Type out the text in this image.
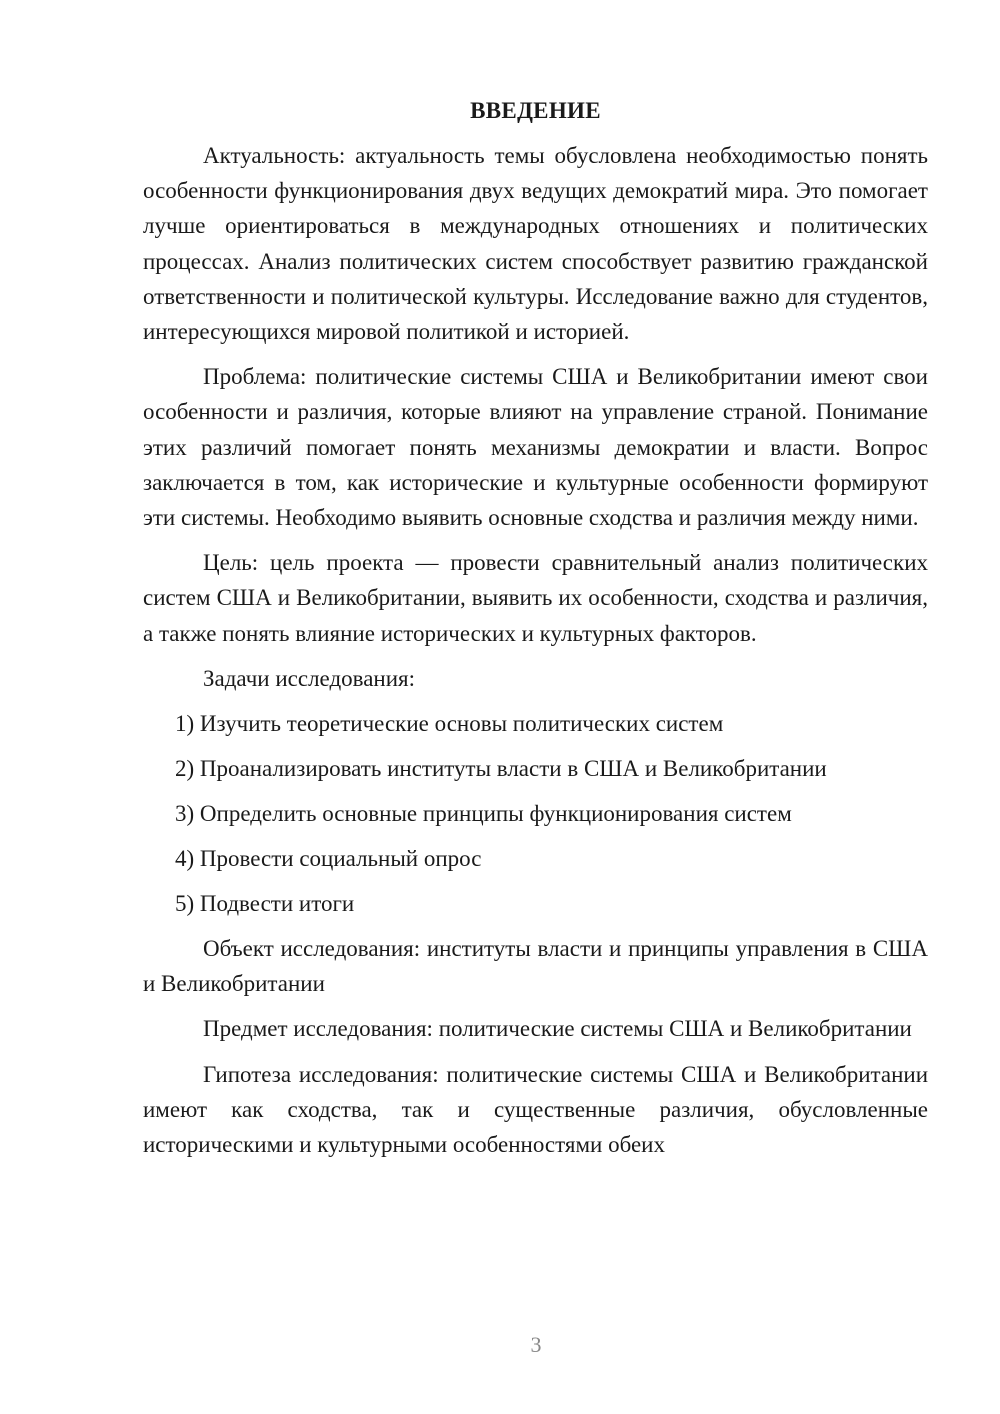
ВВЕДЕНИЕ

Актуальность: актуальность темы обусловлена необходимостью понять особенности функционирования двух ведущих демократий мира. Это помогает лучше ориентироваться в международных отношениях и политических процессах. Анализ политических систем способствует развитию гражданской ответственности и политической культуры. Исследование важно для студентов, интересующихся мировой политикой и историей.

Проблема: политические системы США и Великобритании имеют свои особенности и различия, которые влияют на управление страной. Понимание этих различий помогает понять механизмы демократии и власти. Вопрос заключается в том, как исторические и культурные особенности формируют эти системы. Необходимо выявить основные сходства и различия между ними.

Цель: цель проекта — провести сравнительный анализ политических систем США и Великобритании, выявить их особенности, сходства и различия, а также понять влияние исторических и культурных факторов.

Задачи исследования:

1) Изучить теоретические основы политических систем
2) Проанализировать институты власти в США и Великобритании
3) Определить основные принципы функционирования систем
4) Провести социальный опрос
5) Подвести итоги

Объект исследования: институты власти и принципы управления в США и Великобритании

Предмет исследования: политические системы США и Великобритании

Гипотеза исследования: политические системы США и Великобритании имеют как сходства, так и существенные различия, обусловленные историческими и культурными особенностями обеих

3
